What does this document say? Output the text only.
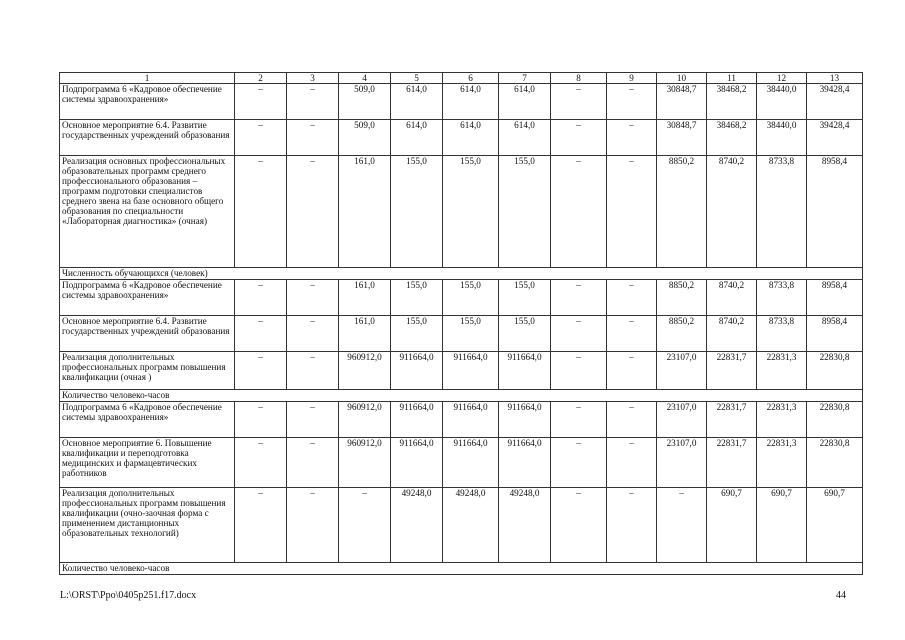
1	2	3	4	5	6	7	8	9	10	11	12	13
Подпрограмма 6 «Кадровое обеспечение системы здравоохранения»	–	–	509,0	614,0	614,0	614,0	–	–	30848,7	38468,2	38440,0	39428,4
Основное мероприятие 6.4. Развитие государственных учреждений образования	–	–	509,0	614,0	614,0	614,0	–	–	30848,7	38468,2	38440,0	39428,4
Реализация основных профессиональных образовательных программ среднего профессионального образования – программ подготовки специалистов среднего звена на базе основного общего образования по специальности «Лабораторная диагностика» (очная)	–	–	161,0	155,0	155,0	155,0	–	–	8850,2	8740,2	8733,8	8958,4
Численность обучающихся (человек)												
Подпрограмма 6 «Кадровое обеспечение системы здравоохранения»	–	–	161,0	155,0	155,0	155,0	–	–	8850,2	8740,2	8733,8	8958,4
Основное мероприятие 6.4. Развитие государственных учреждений образования	–	–	161,0	155,0	155,0	155,0	–	–	8850,2	8740,2	8733,8	8958,4
Реализация дополнительных профессиональных программ повышения квалификации (очная )	–	–	960912,0	911664,0	911664,0	911664,0	–	–	23107,0	22831,7	22831,3	22830,8
Количество человеко-часов												
Подпрограмма 6 «Кадровое обеспечение системы здравоохранения»	–	–	960912,0	911664,0	911664,0	911664,0	–	–	23107,0	22831,7	22831,3	22830,8
Основное мероприятие 6. Повышение квалификации и переподготовка медицинских и фармацевтических работников	–	–	960912,0	911664,0	911664,0	911664,0	–	–	23107,0	22831,7	22831,3	22830,8
Реализация дополнительных профессиональных программ повышения квалификации (очно-заочная форма с применением дистанционных образовательных технологий)	–	–	–	49248,0	49248,0	49248,0	–	–	–	690,7	690,7	690,7
Количество человеко-часов												
L:\ORST\Ppo\0405p251.f17.docx	44
